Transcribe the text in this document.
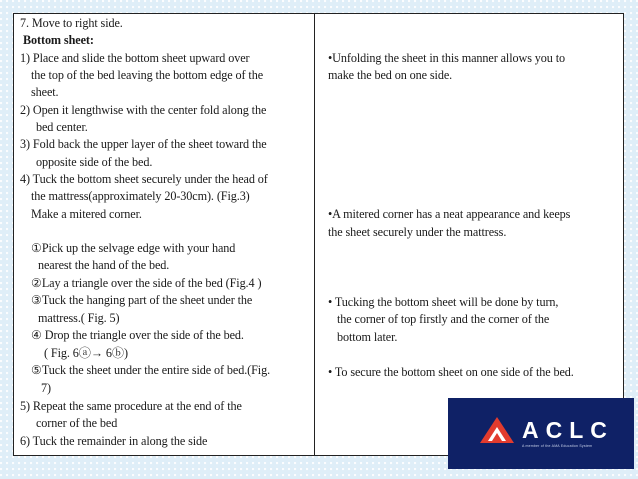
7. Move to right side.
Bottom sheet:
1) Place and slide the bottom sheet upward over
the top of the bed leaving the bottom edge of the
sheet.
2) Open it lengthwise with the center fold along the
bed center.
3) Fold back the upper layer of the sheet toward the
opposite side of the bed.
4) Tuck the bottom sheet securely under the head of
the mattress(approximately 20-30cm). (Fig.3)
Make a mitered corner.
①Pick up the selvage edge with your hand
nearest the hand of the bed.
②Lay a triangle over the side of the bed (Fig.4 )
③Tuck the hanging part of the sheet under the
mattress.( Fig. 5)
④ Drop the triangle over the side of the bed.
( Fig. 6ⓐ→ 6ⓑ)
⑤Tuck the sheet under the entire side of bed.(Fig.
7)
5) Repeat the same procedure at the end of the
corner of the bed
6) Tuck the remainder in along the side
•Unfolding the sheet in this manner allows you to
make the bed on one side.
•A mitered corner has a neat appearance and keeps
the sheet securely under the mattress.
• Tucking the bottom sheet will be done by turn,
the corner of top firstly and the corner of the
bottom later.
• To secure the bottom sheet on one side of the bed.
ACLC
A member of the AMA Education System
